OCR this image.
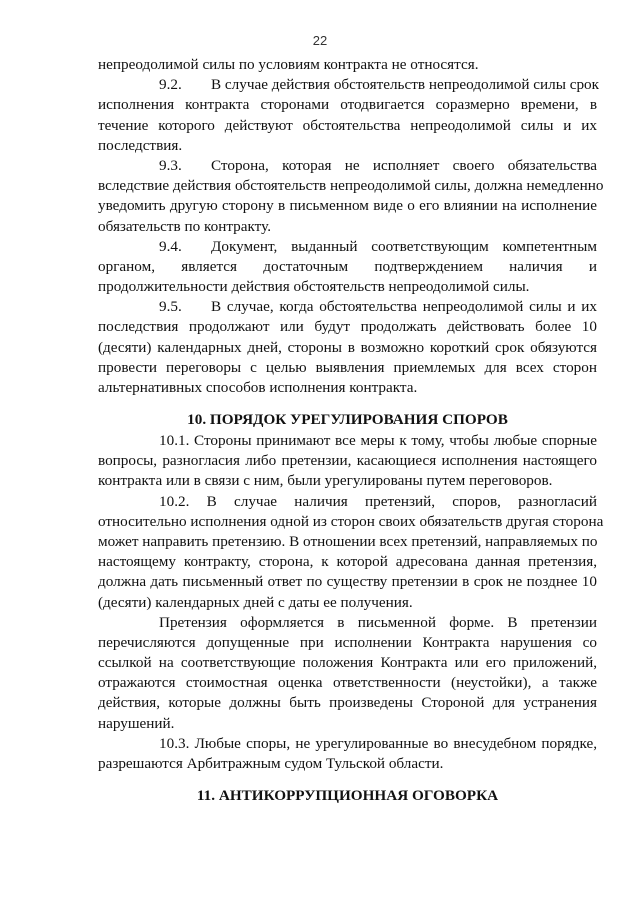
22
непреодолимой силы по условиям контракта не относятся.
9.2. В случае действия обстоятельств непреодолимой силы срок
исполнения контракта сторонами отодвигается соразмерно времени, в
течение которого действуют обстоятельства непреодолимой силы и их
последствия.
9.3. Сторона, которая не исполняет своего обязательства
вследствие действия обстоятельств непреодолимой силы, должна немедленно
уведомить другую сторону в письменном виде о его влиянии на исполнение
обязательств по контракту.
9.4. Документ, выданный соответствующим компетентным
органом, является достаточным подтверждением наличия и
продолжительности действия обстоятельств непреодолимой силы.
9.5. В случае, когда обстоятельства непреодолимой силы и их
последствия продолжают или будут продолжать действовать более 10
(десяти) календарных дней, стороны в возможно короткий срок обязуются
провести переговоры с целью выявления приемлемых для всех сторон
альтернативных способов исполнения контракта.
10. ПОРЯДОК УРЕГУЛИРОВАНИЯ СПОРОВ
10.1. Стороны принимают все меры к тому, чтобы любые спорные
вопросы, разногласия либо претензии, касающиеся исполнения настоящего
контракта или в связи с ним, были урегулированы путем переговоров.
10.2. В случае наличия претензий, споров, разногласий
относительно исполнения одной из сторон своих обязательств другая сторона
может направить претензию. В отношении всех претензий, направляемых по
настоящему контракту, сторона, к которой адресована данная претензия,
должна дать письменный ответ по существу претензии в срок не позднее 10
(десяти) календарных дней с даты ее получения.
Претензия оформляется в письменной форме. В претензии
перечисляются допущенные при исполнении Контракта нарушения со
ссылкой на соответствующие положения Контракта или его приложений,
отражаются стоимостная оценка ответственности (неустойки), а также
действия, которые должны быть произведены Стороной для устранения
нарушений.
10.3. Любые споры, не урегулированные во внесудебном порядке,
разрешаются Арбитражным судом Тульской области.
11. АНТИКОРРУПЦИОННАЯ ОГОВОРКА
